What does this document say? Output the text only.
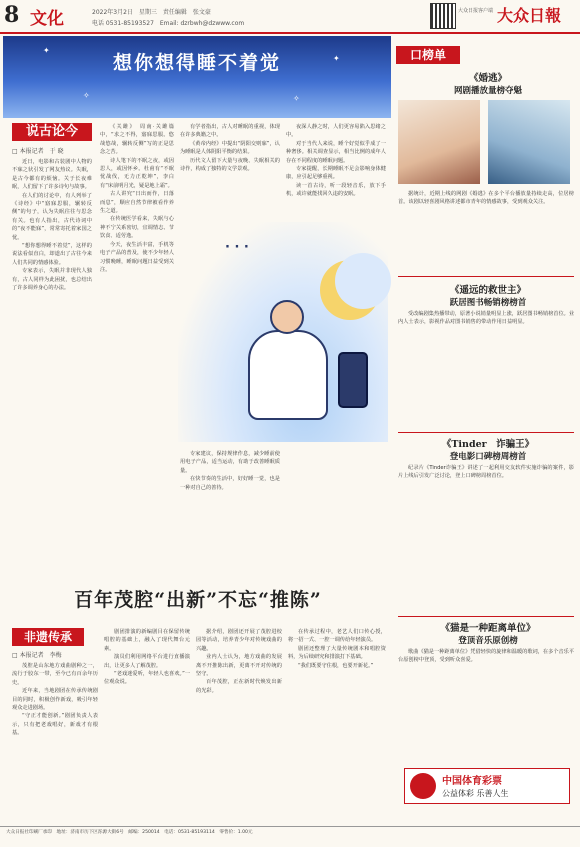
8 文化	2022年3月2日　星期三　责任编辑　张文豪
电话 0531-85193527　Email: dzrbwh@dzwww.com
大众日报客户端 大众日報
✦
✦
✧	✧
想你想得睡不着觉
说古论今
□ 本报记者　于 晓

近日，电影和古装剧中人物的不寐之状引发了网友热议。失眠，是古今都有的烦恼。关于长夜难眠，人们留下了许多诗句与故事。

在人们的讨论中，有人列举了《诗经》中“寤寐思服，辗转反侧”的句子，认为失眠往往与思念有关。也有人指出，古代诗词中的“夜不能寐”，常常寄托着家国之忧。

“想你想得睡不着觉”，这样的说法看似直白，却道出了古往今来人们共同的情感体验。

专家表示，失眠并非现代人独有，古人同样为此困扰，也总结出了许多调养身心的办法。

《关雎》　周南·关雎篇中，“求之不得，寤寐思服。悠哉悠哉，辗转反侧”写的正是思念之苦。

诗人笔下的不眠之夜，或因思人，或因怀乡。杜甫有“不眠忧战伐，无力正乾坤”，李白有“床前明月光，疑是地上霜”。

古人讲究“日出而作，日落而息”，顺应自然节律被看作养生之道。

在传统医学看来，失眠与心神不宁关系密切，宜调情志、节饮食、适劳逸。

今天，夜生活丰富，手机等电子产品的普及，使不少年轻人习惯晚睡，睡眠问题日益受到关注。

有学者指出，古人对睡眠的重视，体现在许多典籍之中。

《黄帝内经》中提出“阴阳交则寐”，认为睡眠是人体阴阳平衡的结果。

历代文人留下大量与夜晚、失眠相关的诗作，构成了独特的文学景观。

夜深人静之时，人们更容易陷入思绪之中。

对于当代人来说，睡个好觉似乎成了一种奢侈。相关调查显示，相当比例的成年人存在不同程度的睡眠问题。

专家提醒，长期睡眠不足会影响身体健康，应引起足够重视。

读一首古诗，听一段轻音乐，放下手机，或许就能找回久违的安眠。

专家建议，保持规律作息，减少睡前使用电子产品，适当运动，有助于改善睡眠质量。

在快节奏的生活中，好好睡一觉，也是一种对自己的善待。

· · ·
百年茂腔“出新”不忘“推陈”
非遗传承
□ 本报记者　李梅

茂腔是山东地方戏曲剧种之一，流行于胶东一带，至今已有百余年历史。

近年来，当地剧团在传承传统剧目的同时，积极创作新戏，吸引年轻观众走进剧场。

“守正才能创新。”剧团负责人表示，只有把老戏唱好，新戏才有根基。

剧团排演的新编剧目在保留传统唱腔的基础上，融入了现代舞台元素。

演员们利用网络平台进行直播演出，让更多人了解茂腔。

“老戏迷爱听，年轻人也喜欢。”一位观众说。

据介绍，剧团还开展了茂腔进校园等活动，培养青少年对传统戏曲的兴趣。

业内人士认为，地方戏曲的发展离不开推陈出新，更离不开对传统的坚守。

百年茂腔，正在新时代焕发出新的光彩。

在传承过程中，老艺人们口传心授，将一招一式、一腔一调传给年轻演员。

剧团还整理了大量传统剧本和唱腔资料，为后续研究和排演打下基础。

“我们既要守住根，也要开新花。”

口榜单
《婚逃》
网剧播放量榜夺魁

据统计，近期上线的网剧《婚逃》在多个平台播放量持续走高，位居榜首。该剧以轻喜剧风格讲述都市青年的情感故事，受到观众关注。

《遥远的救世主》
跃居图书畅销榜榜首

受改编剧集热播带动，原著小说销量明显上涨，跃居图书畅销榜首位。业内人士表示，影视作品对图书销售的带动作用日益明显。

《Tinder　诈骗王》
登电影口碑榜周榜首

纪录片《Tinder诈骗王》讲述了一起利用交友软件实施诈骗的案件，影片上线后引发广泛讨论，登上口碑榜周榜首位。

《猫是一种距离单位》
登顶音乐原创榜

歌曲《猫是一种距离单位》凭借轻快的旋律和温暖的歌词，在多个音乐平台原创榜中登顶，受到听众喜爱。

中国体育彩票
公益体彩 乐善人生
大众日报社印刷厂承印　地址：济南市历下区泺源大街6号　邮编：250014　电话：0531-85193114　零售价：1.00元
